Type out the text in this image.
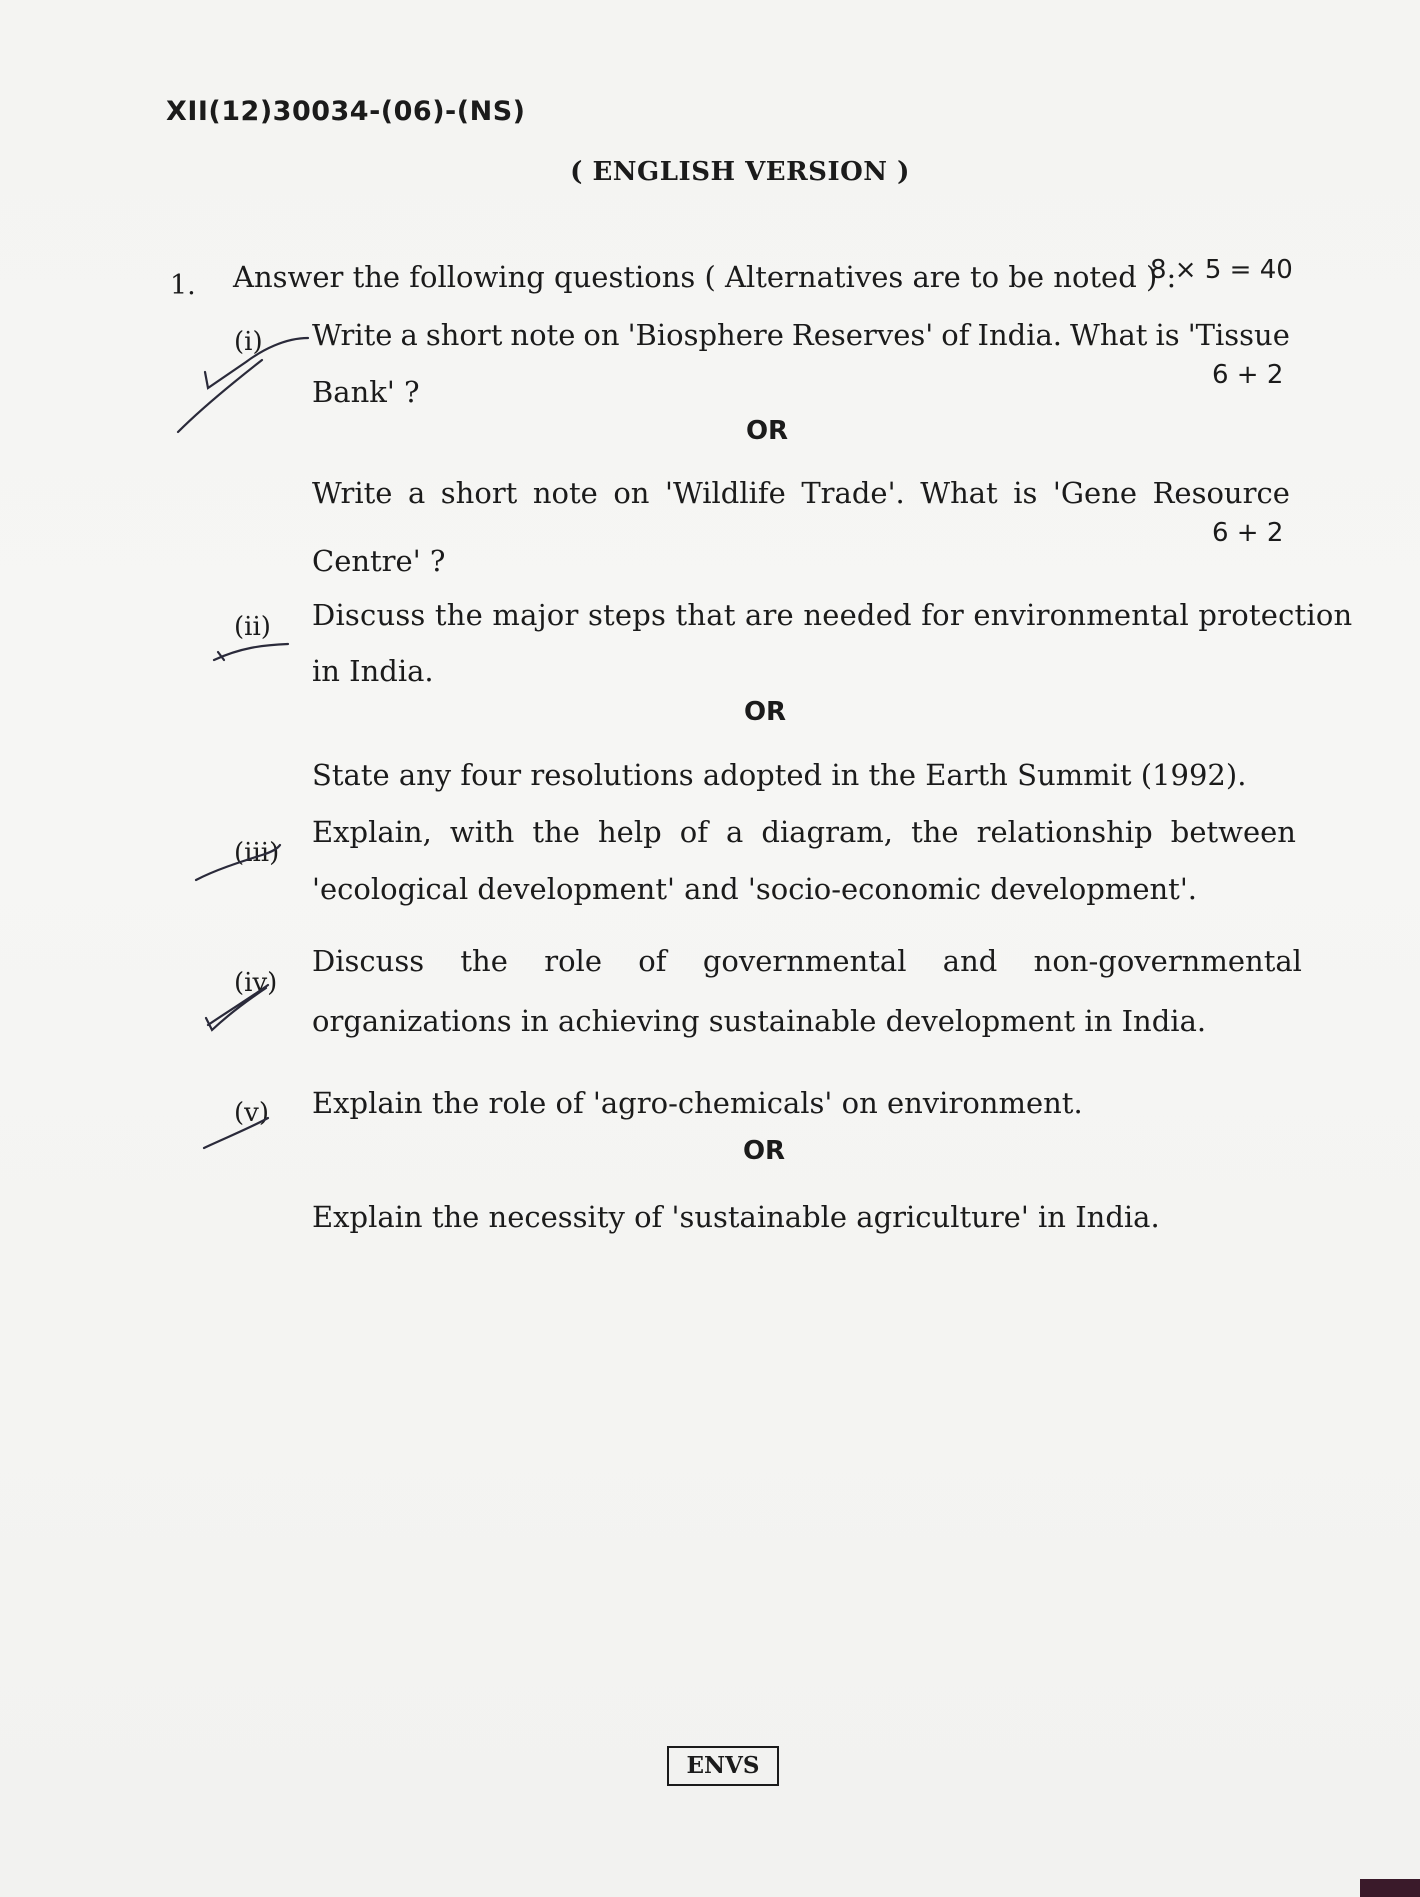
XII(12)30034-(06)-(NS)
( ENGLISH VERSION )
1. Answer the following questions ( Alternatives are to be noted ) :
8 × 5 = 40
(i) Write a short note on 'Biosphere Reserves' of India. What is 'Tissue
Bank' ?	6 + 2
OR
Write a short note on 'Wildlife Trade'. What is 'Gene Resource
Centre' ?
6 + 2
(ii) Discuss the major steps that are needed for environmental protection
in India.
OR
State any four resolutions adopted in the Earth Summit (1992).
(iii)
Explain, with the help of a diagram, the relationship between
'ecological development' and 'socio-economic development'.
(iv)
Discuss the role of governmental and non-governmental
organizations in achieving sustainable development in India.
(v) Explain the role of 'agro-chemicals' on environment.
OR
Explain the necessity of 'sustainable agriculture' in India.
ENVS
